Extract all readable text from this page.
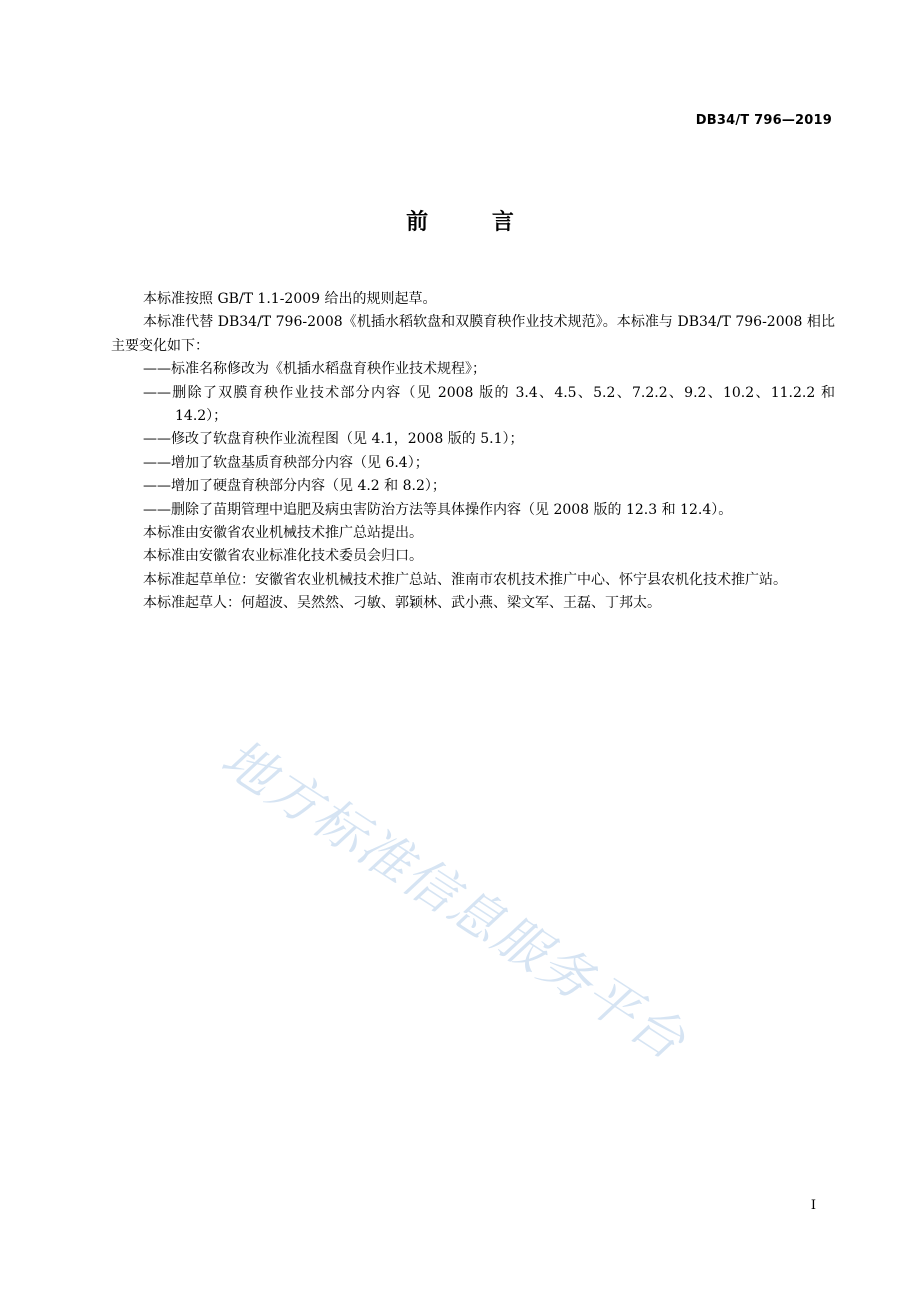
DB34/T 796—2019
前 言

本标准按照 GB/T 1.1-2009 给出的规则起草。

本标准代替 DB34/T 796-2008《机插水稻软盘和双膜育秧作业技术规范》。本标准与 DB34/T 796-2008 相比主要变化如下：

——标准名称修改为《机插水稻盘育秧作业技术规程》；

——删除了双膜育秧作业技术部分内容（见 2008 版的 3.4、4.5、5.2、7.2.2、9.2、10.2、11.2.2 和 14.2）；

——修改了软盘育秧作业流程图（见 4.1，2008 版的 5.1）；

——增加了软盘基质育秧部分内容（见 6.4）；

——增加了硬盘育秧部分内容（见 4.2 和 8.2）；

——删除了苗期管理中追肥及病虫害防治方法等具体操作内容（见 2008 版的 12.3 和 12.4）。

本标准由安徽省农业机械技术推广总站提出。

本标准由安徽省农业标准化技术委员会归口。

本标准起草单位：安徽省农业机械技术推广总站、淮南市农机技术推广中心、怀宁县农机化技术推广站。

本标准起草人：何超波、吴然然、刁敏、郭颖林、武小燕、梁文军、王磊、丁邦太。

地方标准信息服务平台
I
